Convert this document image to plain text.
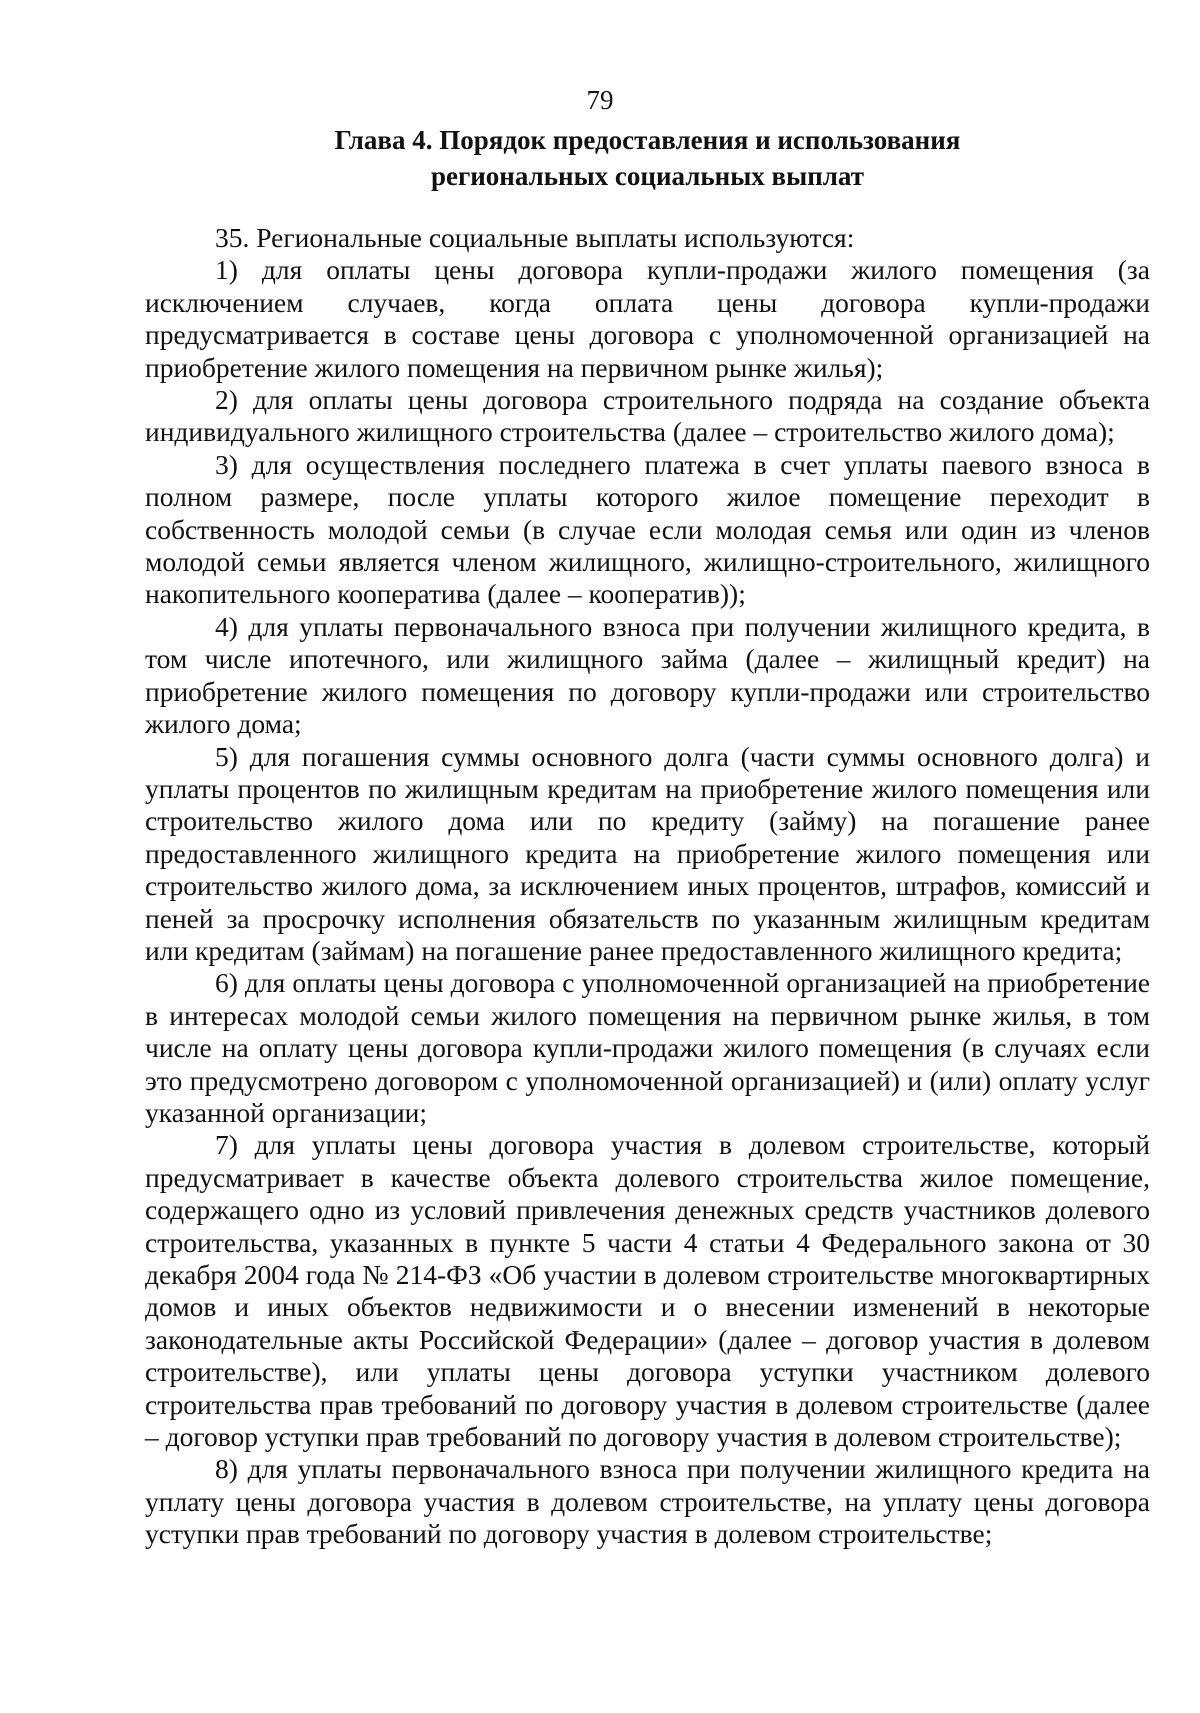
79
Глава 4. Порядок предоставления и использования
региональных социальных выплат

35. Региональные социальные выплаты используются:

1) для оплаты цены договора купли-продажи жилого помещения (за исключением случаев, когда оплата цены договора купли-продажи предусматривается в составе цены договора с уполномоченной организацией на приобретение жилого помещения на первичном рынке жилья);

2) для оплаты цены договора строительного подряда на создание объекта индивидуального жилищного строительства (далее – строительство жилого дома);

3) для осуществления последнего платежа в счет уплаты паевого взноса в полном размере, после уплаты которого жилое помещение переходит в собственность молодой семьи (в случае если молодая семья или один из членов молодой семьи является членом жилищного, жилищно-строительного, жилищного накопительного кооператива (далее – кооператив));

4) для уплаты первоначального взноса при получении жилищного кредита, в том числе ипотечного, или жилищного займа (далее – жилищный кредит) на приобретение жилого помещения по договору купли-продажи или строительство жилого дома;

5) для погашения суммы основного долга (части суммы основного долга) и уплаты процентов по жилищным кредитам на приобретение жилого помещения или строительство жилого дома или по кредиту (займу) на погашение ранее предоставленного жилищного кредита на приобретение жилого помещения или строительство жилого дома, за исключением иных процентов, штрафов, комиссий и пеней за просрочку исполнения обязательств по указанным жилищным кредитам или кредитам (займам) на погашение ранее предоставленного жилищного кредита;

6) для оплаты цены договора с уполномоченной организацией на приобретение в интересах молодой семьи жилого помещения на первичном рынке жилья, в том числе на оплату цены договора купли-продажи жилого помещения (в случаях если это предусмотрено договором с уполномоченной организацией) и (или) оплату услуг указанной организации;

7) для уплаты цены договора участия в долевом строительстве, который предусматривает в качестве объекта долевого строительства жилое помещение, содержащего одно из условий привлечения денежных средств участников долевого строительства, указанных в пункте 5 части 4 статьи 4 Федерального закона от 30 декабря 2004 года № 214-ФЗ «Об участии в долевом строительстве многоквартирных домов и иных объектов недвижимости и о внесении изменений в некоторые законодательные акты Российской Федерации» (далее – договор участия в долевом строительстве), или уплаты цены договора уступки участником долевого строительства прав требований по договору участия в долевом строительстве (далее – договор уступки прав требований по договору участия в долевом строительстве);

8) для уплаты первоначального взноса при получении жилищного кредита на уплату цены договора участия в долевом строительстве, на уплату цены договора уступки прав требований по договору участия в долевом строительстве;
